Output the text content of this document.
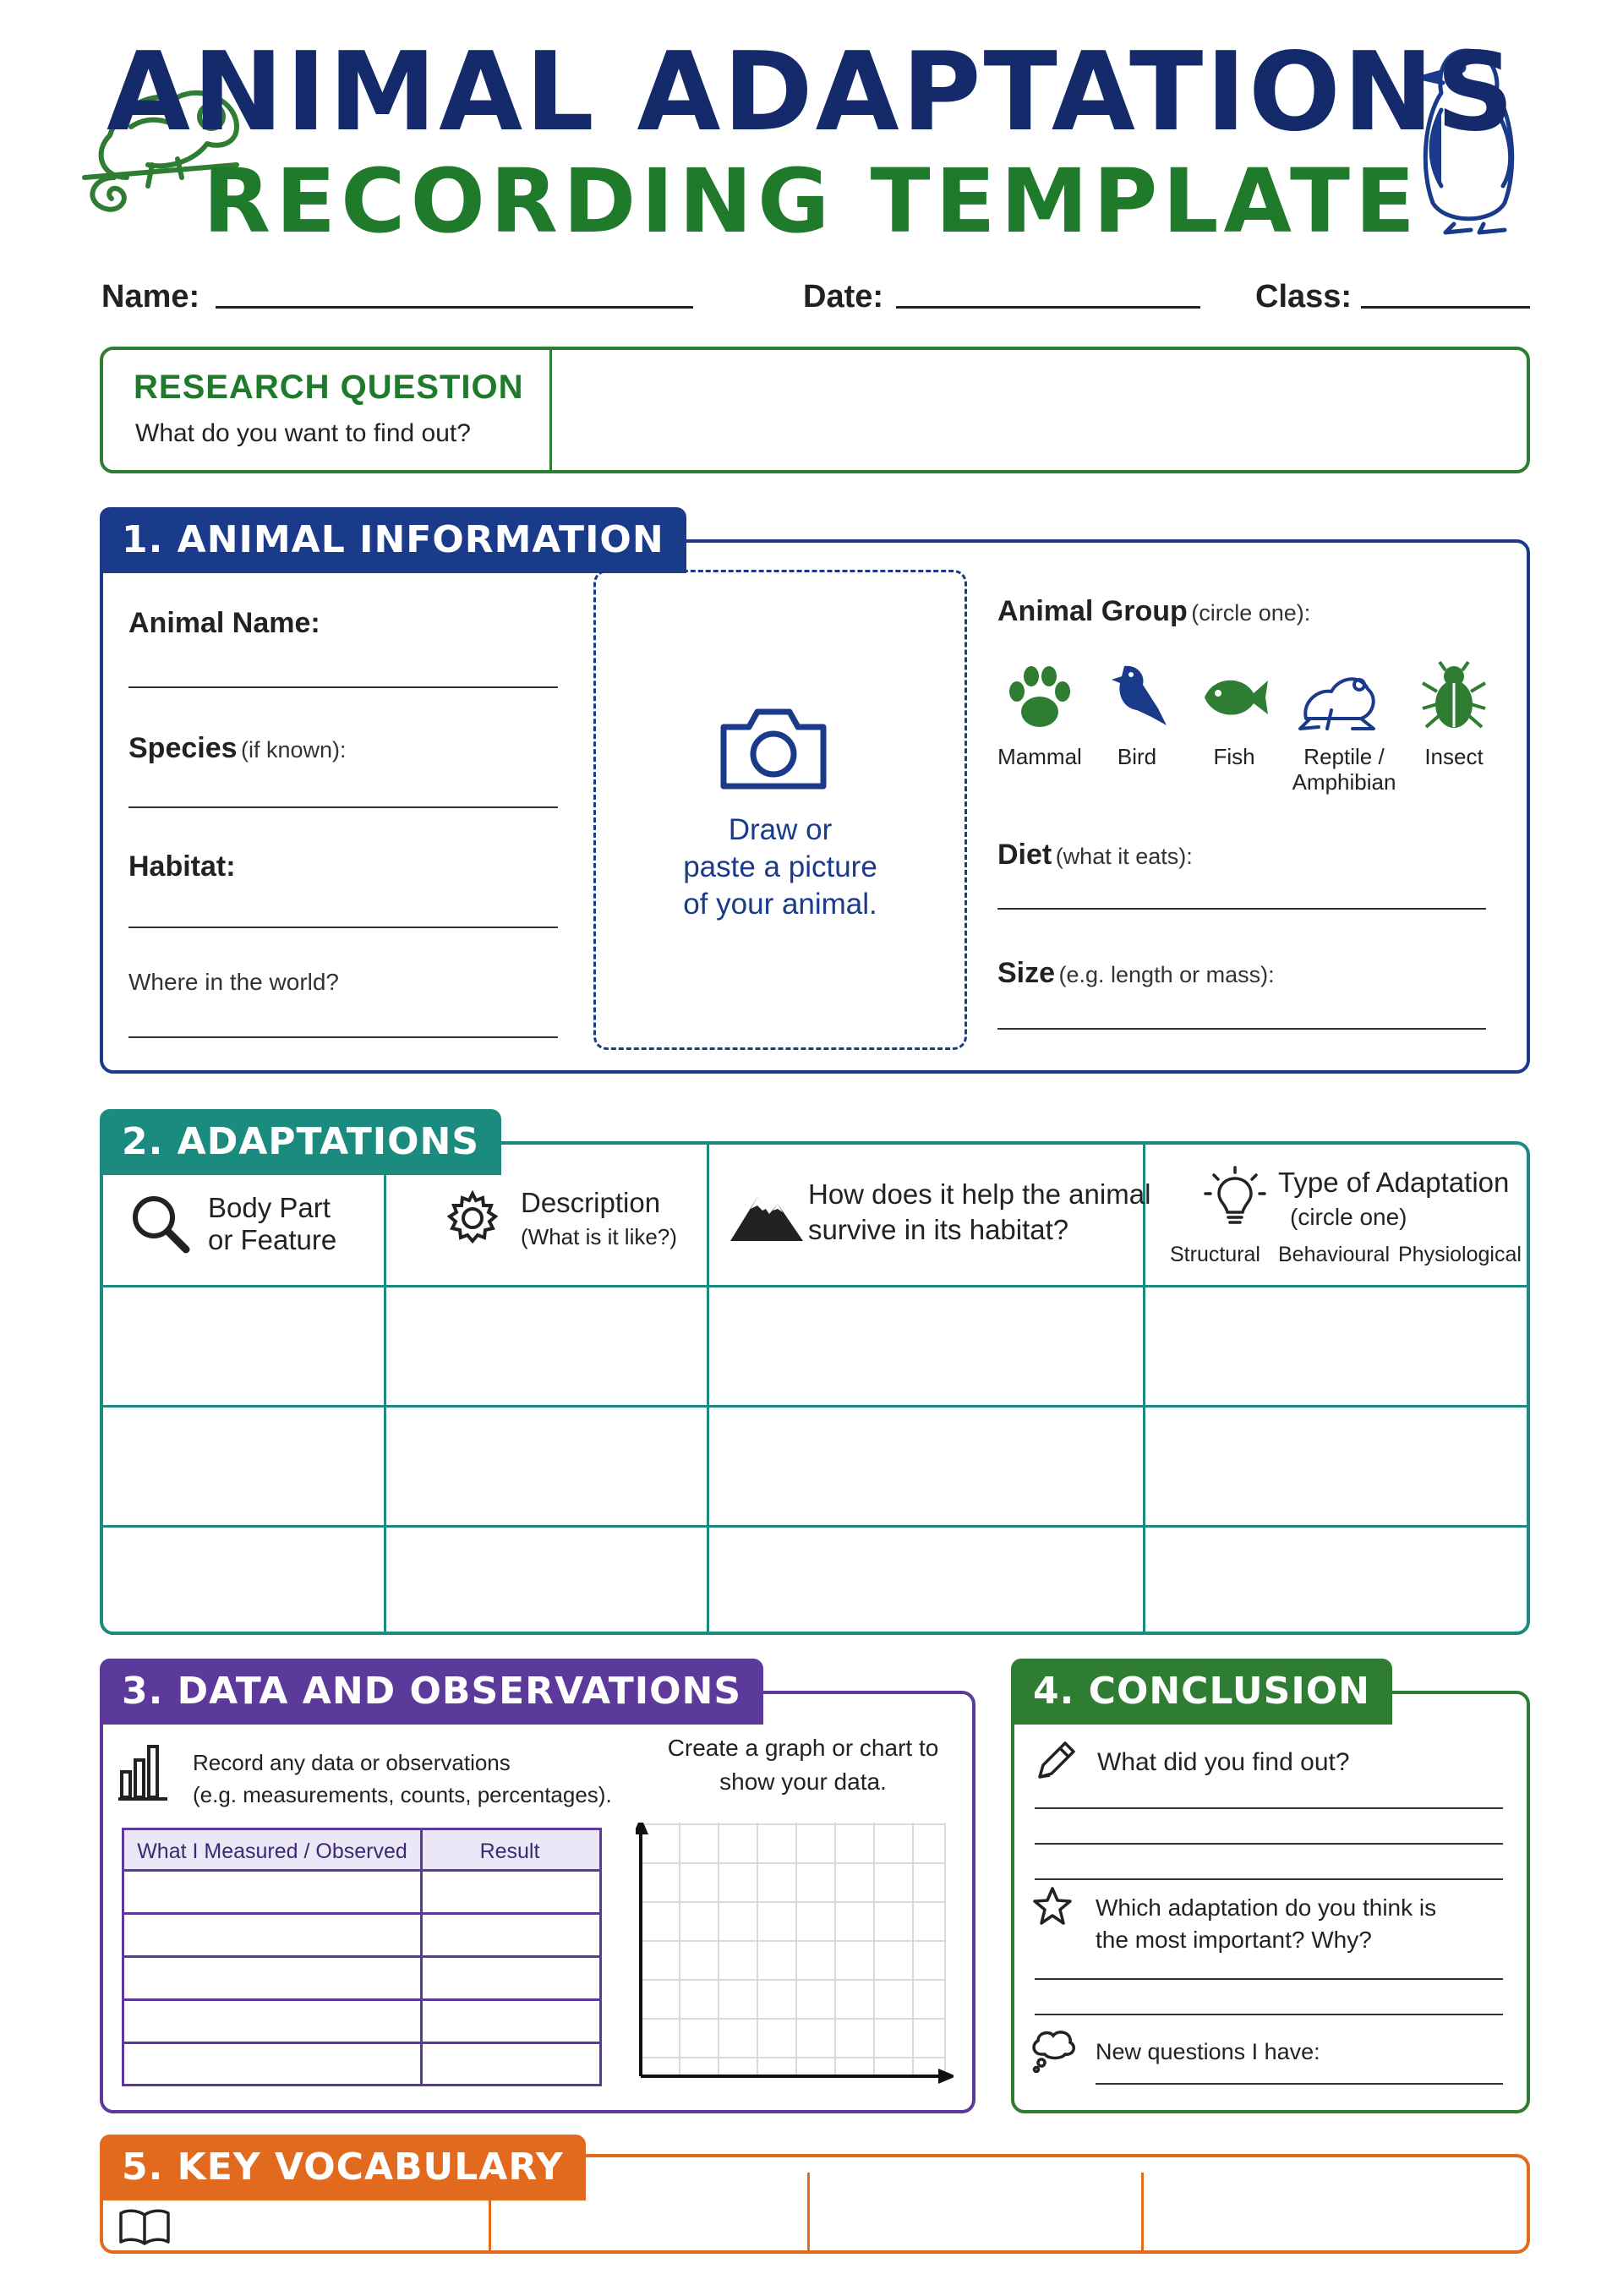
ANIMAL ADAPTATIONS
RECORDING TEMPLATE
Name:	Date:	Class:
RESEARCH QUESTION
What do you want to find out?
1. ANIMAL INFORMATION
Animal Name:
Species (if known):
Habitat:
Where in the world?
Draw or
paste a picture
of your animal.
Animal Group (circle one):
Mammal	Bird	Fish	Reptile /
Amphibian
Insect
Diet (what it eats):
Size (e.g. length or mass):
2. ADAPTATIONS
Body Part
or Feature
Description
(What is it like?)
How does it help the animal
survive in its habitat?
Type of Adaptation
(circle one)
Structural Behavioural Physiological
3. DATA AND OBSERVATIONS
Record any data or observations
(e.g. measurements, counts, percentages).
What I Measured / Observed	Result
Create a graph or chart to
show your data.
4. CONCLUSION
What did you find out?
Which adaptation do you think is
the most important? Why?
New questions I have:
5. KEY VOCABULARY
